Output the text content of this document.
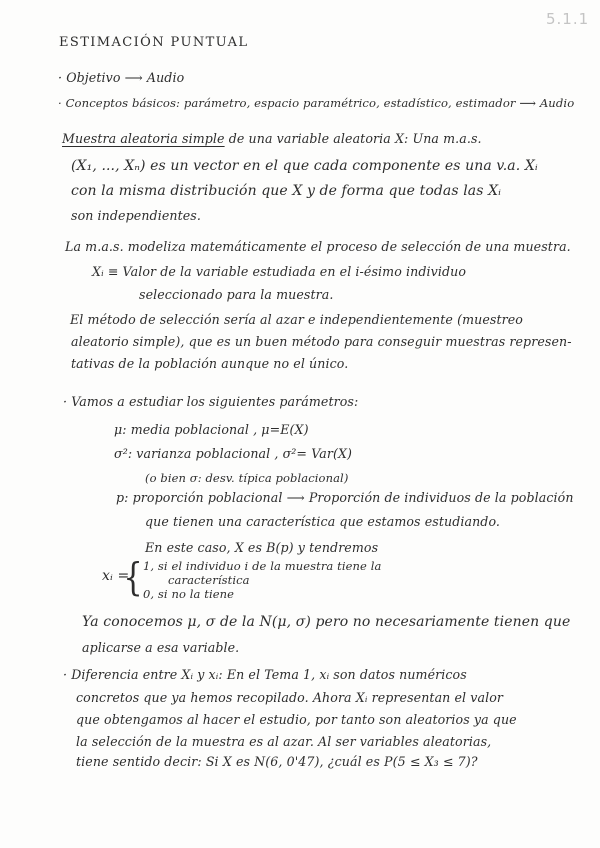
5.1.1
ESTIMACIÓN PUNTUAL
· Objetivo ⟶ Audio
· Conceptos básicos: parámetro, espacio paramétrico, estadístico, estimador ⟶ Audio
Muestra aleatoria simple de una variable aleatoria X: Una m.a.s.
(X₁, ..., Xₙ) es un vector en el que cada componente es una v.a. Xᵢ
con la misma distribución que X y de forma que todas las Xᵢ
son independientes.
La m.a.s. modeliza matemáticamente el proceso de selección de una muestra.
Xᵢ ≡ Valor de la variable estudiada en el i-ésimo individuo
seleccionado para la muestra.
El método de selección sería al azar e independientemente (muestreo
aleatorio simple), que es un buen método para conseguir muestras represen-
tativas de la población aunque no el único.
· Vamos a estudiar los siguientes parámetros:
μ: media poblacional , μ=E(X)
σ²: varianza poblacional , σ²= Var(X)
(o bien σ: desv. típica poblacional)
p: proporción poblacional ⟶ Proporción de individuos de la población
que tienen una característica que estamos estudiando.
En este caso, X es B(p) y tendremos
xᵢ =
{ 1, si el individuo i de la muestra tiene la
característica
0, si no la tiene
Ya conocemos μ, σ de la N(μ, σ) pero no necesariamente tienen que
aplicarse a esa variable.
· Diferencia entre Xᵢ y xᵢ: En el Tema 1, xᵢ son datos numéricos
concretos que ya hemos recopilado. Ahora Xᵢ representan el valor
que obtengamos al hacer el estudio, por tanto son aleatorios ya que
la selección de la muestra es al azar. Al ser variables aleatorias,
tiene sentido decir: Si X es N(6, 0'47), ¿cuál es P(5 ≤ X₃ ≤ 7)?
